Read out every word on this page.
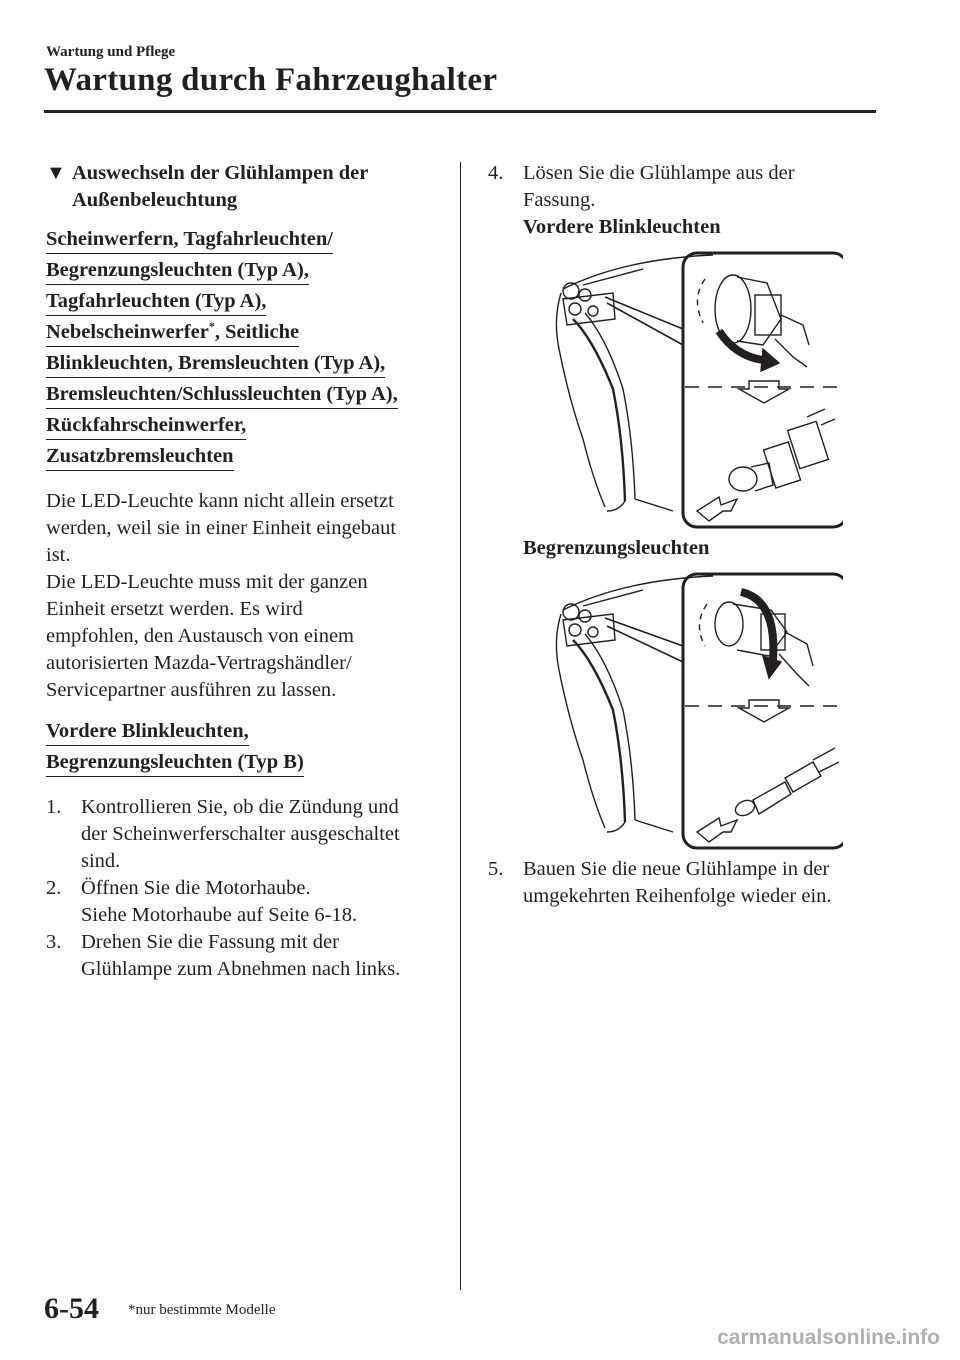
Wartung und Pflege
Wartung durch Fahrzeughalter
▼ Auswechseln der Glühlampen der
Außenbeleuchtung
Scheinwerfern, Tagfahrleuchten/
Begrenzungsleuchten (Typ A),
Tagfahrleuchten (Typ A),
Nebelscheinwerfer*, Seitliche
Blinkleuchten, Bremsleuchten (Typ A),
Bremsleuchten/Schlussleuchten (Typ A),
Rückfahrscheinwerfer,
Zusatzbremsleuchten
Die LED-Leuchte kann nicht allein ersetzt
werden, weil sie in einer Einheit eingebaut
ist.
Die LED-Leuchte muss mit der ganzen
Einheit ersetzt werden. Es wird
empfohlen, den Austausch von einem
autorisierten Mazda-Vertragshändler/
Servicepartner ausführen zu lassen.
Vordere Blinkleuchten,
Begrenzungsleuchten (Typ B)
1. Kontrollieren Sie, ob die Zündung und
der Scheinwerferschalter ausgeschaltet
sind.
2. Öffnen Sie die Motorhaube.
Siehe Motorhaube auf Seite 6-18.
3. Drehen Sie die Fassung mit der
Glühlampe zum Abnehmen nach links.
4. Lösen Sie die Glühlampe aus der
Fassung.
Vordere Blinkleuchten
Begrenzungsleuchten
5. Bauen Sie die neue Glühlampe in der
umgekehrten Reihenfolge wieder ein.
6-54 *nur bestimmte Modelle
carmanualsonline.info
